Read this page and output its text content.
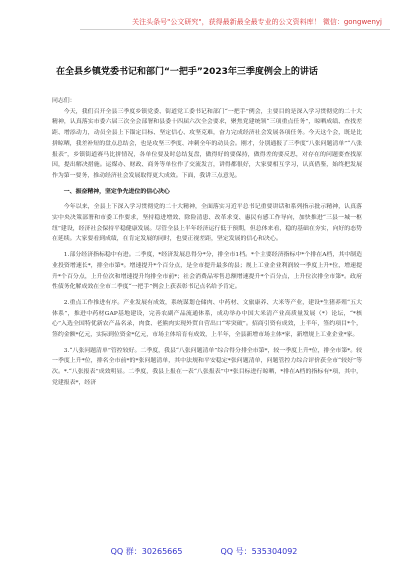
关注头条号"公文研究"，获得最新最全最专业的公文资料库！ 微信：gongwenyj
在全县乡镇党委书记和部门“一把手”2023年三季度例会上的讲话

同志们：

今天，我们召开全县三季度乡镇党委、街道党工委书记和部门“一把手”例会，主要目的是深入学习贯彻党的二十大精神，认真落实市委六届三次全会部署和县委十四届六次全会要求，聚焦党建统领“三项重点任务”，晾晒成绩、查找差距、增添动力，动员全县上下锚定目标、坚定信心、攻坚克难，奋力完成经济社会发展各项任务。今天这个会，既是比拼晾晒，我差补短的盘点总结会，也是攻坚三季度、冲刺全年的动员会。刚才，分别通报了三季度“八张问题清单”“八张报表”，乡镇街道赛马比拼情况，各单位要及时总结复盘，做得好的要保持，做得差的要反思，对存在的问题要查找原因，提出解决措施。运煤办、财政、商务等单位作了交流发言，讲得都很好，大家要相互学习，认真借鉴，始终把发展作为第一要务，推动经济社会发展取得更大成效。下面，我讲三点意见。

一、振奋精神，坚定争先进位的信心决心

今年以来，全县上下深入学习贯彻党的二十大精神，全面落实习近平总书记重要讲话和系列指示批示精神，认真落实中央决策部署和市委工作要求，坚持稳进增效、除险清患、改革求变、惠民有感工作导向，加快推进“三县一城一枢纽”建设，经济社会保持平稳健康发展。尽管全县上半年经济运行低于预期，但总体来看，稳的基础在夯实，向好的态势在延续。大家要看到成绩，在肯定发展的同时，也要正视差距，坚定发展的信心和决心。

1.部分经济指标稳中有进。二季度，*经济发展总得分*分，排全市1档。*个主要经济指标中*个排在A档，其中制造业投资增速长*，排全市第*。增速提升*个百分点，是全市提升最多的县；规上工业企业利润较一季度上升*位，增速提升*个百分点，上升位次和增速提升均排全市前*；社会消费品零售总额增速提升*个百分点，上升位次排全市第*。政府性债务化解成效在全市二季度“一把手”例会上获表彰书记点名给予肯定。

2.重点工作推进有序。产业发展有成效，系统谋划仓储肉、中药材、文旅康养、大米等产业，建设*生猪养殖“五大体系”，推进中药材GAP基地建设，完善农副产品流通体系，成功举办中国大米清产业高质量发展（*）论坛，“*核心”入选全国特优新农产品名录，肉食、老熊肉实现外贸自营出口“零突破”。招商引资有成效，上半年，签约项目*个，签约金额*亿元，实际到位资金*亿元，市场主体培育有成效，上半年，全县新增市场主体*家，新增规上工业企业*家。

3.“八张问题清单”管控较好。二季度，我县“八张问题清单”综合得分排全市第*，较一季度上升*位，排全市第*。较一季度上升*位，排名全市前*的*张问题清单，其中法规和平安稳定*张问题清单，问题管控力综合评价获全市“较好”等次。*.“八张报表”成效明显。二季度，我县上报在一表“八张报表”中*张目标进行晾晒，*排在A档的指标有*项，其中，党建报表*，经济

QQ 群：30265665	QQ 号：535304092
